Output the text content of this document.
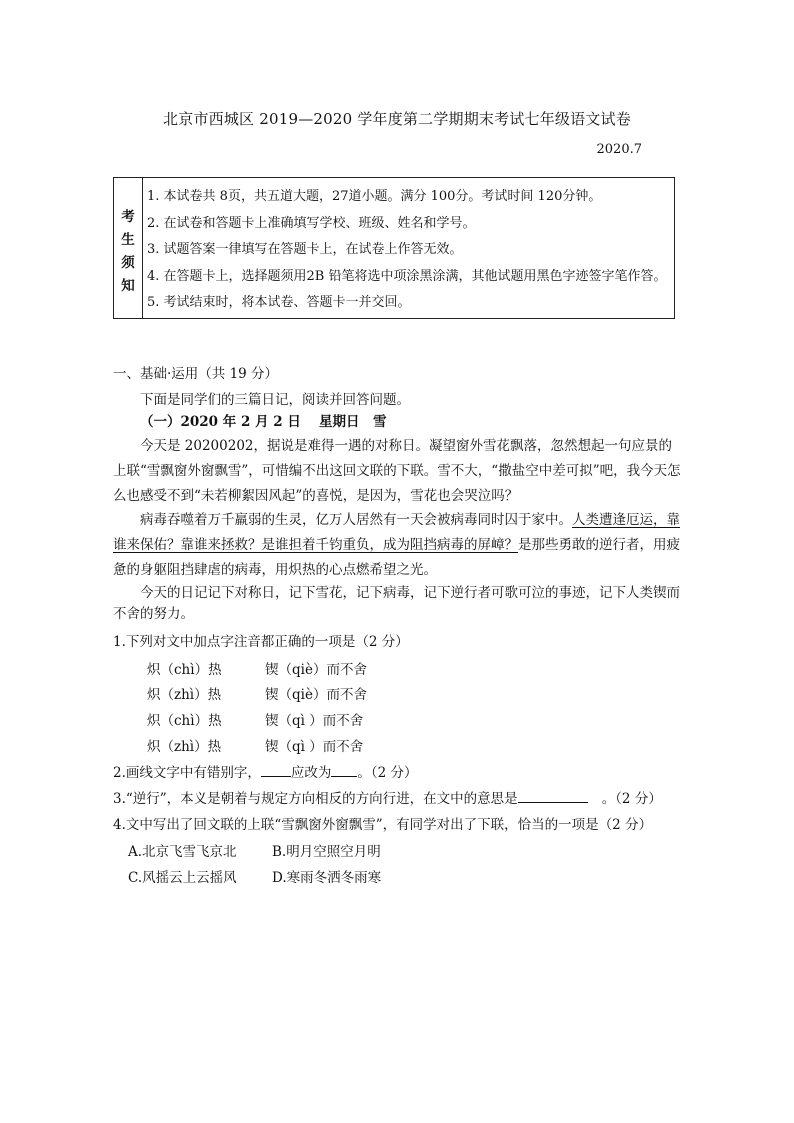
北京市西城区 2019—2020 学年度第二学期期末考试七年级语文试卷
2020.7
考
生
须
知
1. 本试卷共 8页，共五道大题，27道小题。满分 100分。考试时间 120分钟。
2. 在试卷和答题卡上准确填写学校、班级、姓名和学号。
3. 试题答案一律填写在答题卡上，在试卷上作答无效。
4. 在答题卡上，选择题须用2B 铅笔将选中项涂黑涂满，其他试题用黑色字迹签字笔作答。
5. 考试结束时，将本试卷、答题卡一并交回。
一、基础·运用（共 19 分）
下面是同学们的三篇日记，阅读并回答问题。
（一）2020 年 2 月 2 日　 星期日　雪
今天是 20200202，据说是难得一遇的对称日。凝望窗外雪花飘落，忽然想起一句应景的上联“雪飘窗外窗飘雪”，可惜编不出这回文联的下联。雪不大，“撒盐空中差可拟”吧，我今天怎么也感受不到“未若柳絮因风起”的喜悦，是因为，雪花也会哭泣吗？
病毒吞噬着万千羸弱的生灵，亿万人居然有一天会被病毒同时囚于家中。人类遭逢厄运，靠谁来保佑？靠谁来拯救？是谁担着千钧重负，成为阻挡病毒的屏嶂？是那些勇敢的逆行者，用疲惫的身躯阻挡肆虐的病毒，用炽热的心点燃希望之光。
今天的日记记下对称日，记下雪花，记下病毒，记下逆行者可歌可泣的事迹，记下人类锲而不舍的努力。
1.下列对文中加点字注音都正确的一项是（2 分）
炽（chì）热	锲（qiè）而不舍
炽（zhì）热	锲（qiè）而不舍
炽（chì）热	锲（qì ）而不舍
炽（zhì）热	锲（qì ）而不舍
2.画线文字中有错别字， 应改为 。（2 分）
3.“逆行”，本义是朝着与规定方向相反的方向行进，在文中的意思是	。（2 分）
4.文中写出了回文联的上联“雪飘窗外窗飘雪”，有同学对出了下联，恰当的一项是（2 分）
A.北京飞雪飞京北	B.明月空照空月明
C.风摇云上云摇风	D.寒雨冬洒冬雨寒
